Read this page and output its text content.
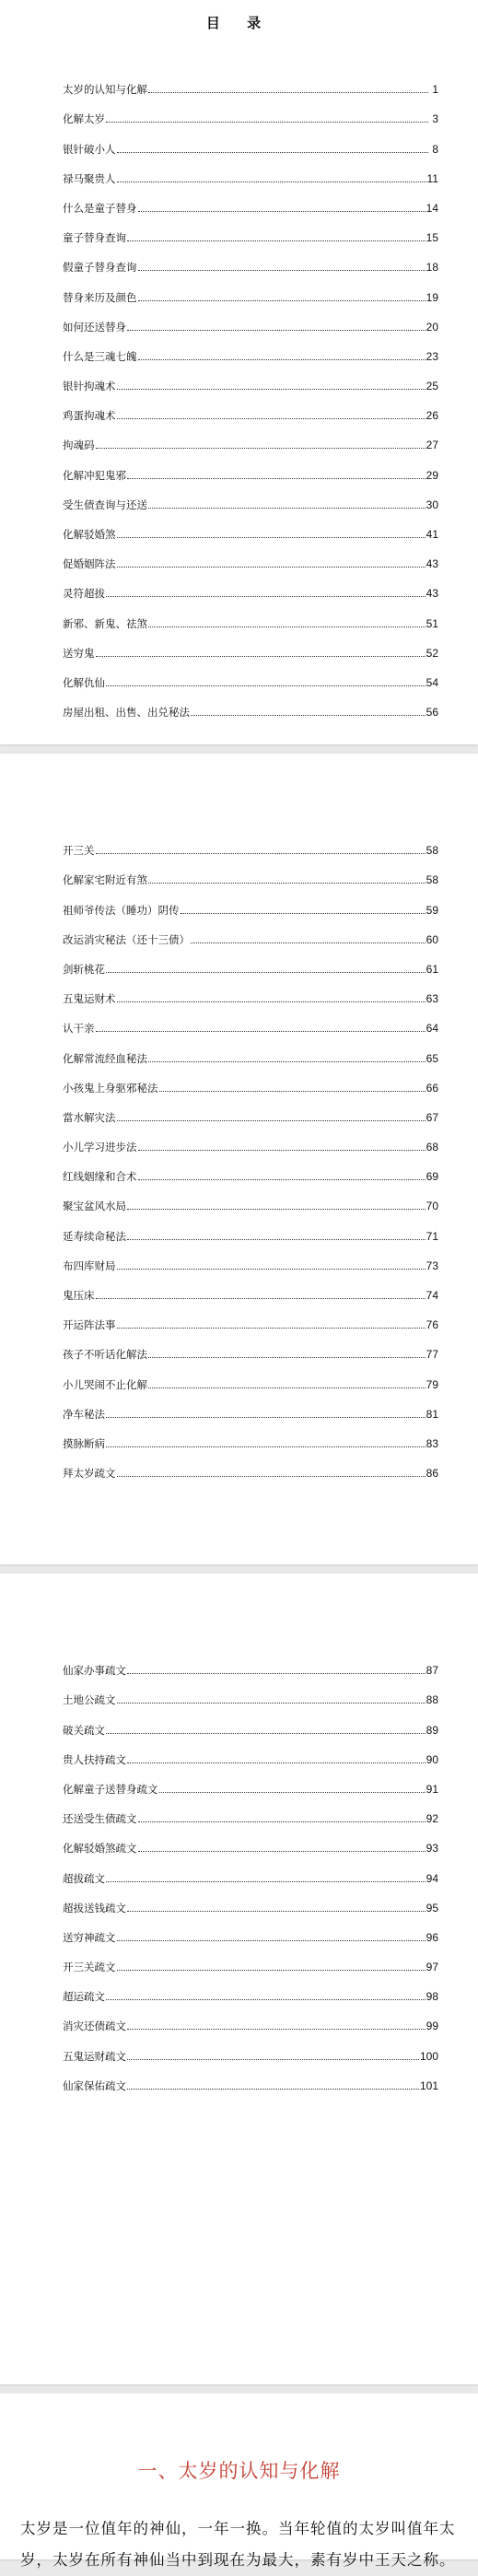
目 录
太岁的认知与化解	1
化解太岁	3
银针破小人	8
禄马聚贵人	11
什么是童子替身	14
童子替身查询	15
假童子替身查询	18
替身来历及颜色	19
如何还送替身	20
什么是三魂七魄	23
银针拘魂术	25
鸡蛋拘魂术	26
拘魂码	27
化解冲犯鬼邪	29
受生债查询与还送	30
化解驳婚煞	41
促婚姻阵法	43
灵符超拔	43
新邪、新鬼、祛煞	51
送穷鬼	52
化解仇仙	54
房屋出租、出售、出兑秘法	56
开三关	58
化解家宅附近有煞	58
祖师爷传法（睡功）阴传	59
改运消灾秘法（还十三债）	60
剑斩桃花	61
五鬼运财术	63
认干亲	64
化解常流经血秘法	65
小孩鬼上身驱邪秘法	66
當水解灾法	67
小儿学习进步法	68
红线姻缘和合术	69
聚宝盆风水局	70
延寿续命秘法	71
布四库财局	73
鬼压床	74
开运阵法事	76
孩子不听话化解法	77
小儿哭闹不止化解	79
净车秘法	81
摸脉断病	83
拜太岁疏文	86
仙家办事疏文	87
土地公疏文	88
破关疏文	89
贵人扶持疏文	90
化解童子送替身疏文	91
还送受生债疏文	92
化解驳婚煞疏文	93
超拔疏文	94
超拔送钱疏文	95
送穷神疏文	96
开三关疏文	97
超运疏文	98
消灾还债疏文	99
五鬼运财疏文	100
仙家保佑疏文	101
一、太岁的认知与化解
太岁是一位值年的神仙，一年一换。当年轮值的太岁叫值年太岁，太岁在所有神仙当中到现在为最大，素有岁中王天之称。
